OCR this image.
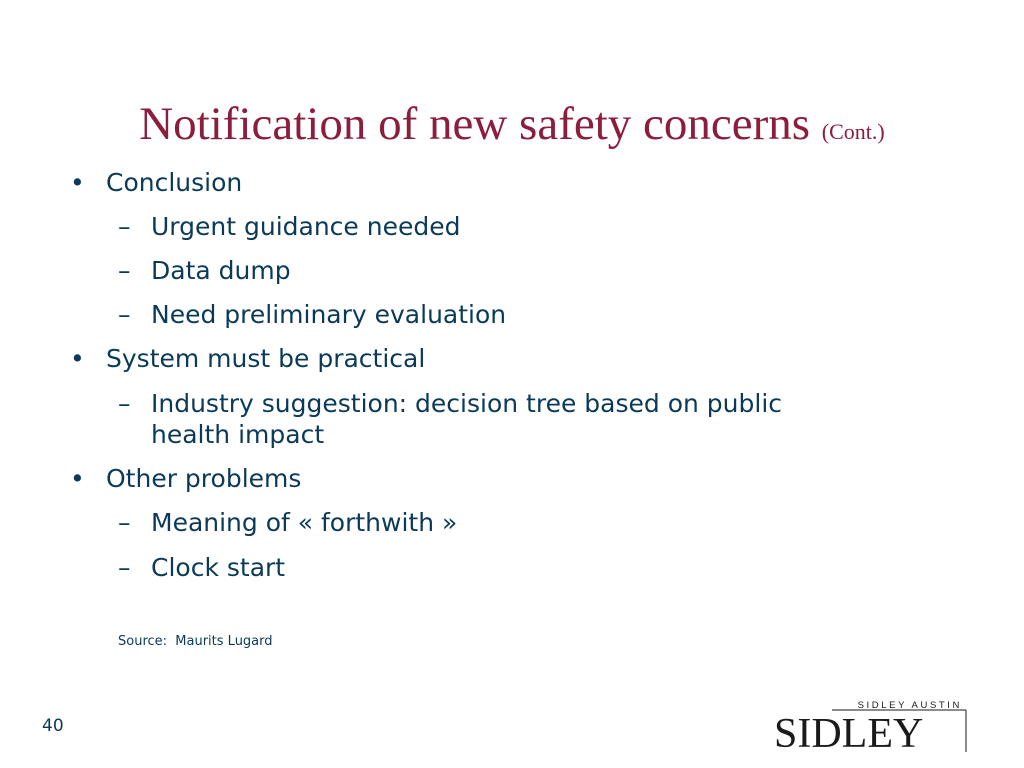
Notification of new safety concerns (Cont.)
• Conclusion
– Urgent guidance needed
– Data dump
– Need preliminary evaluation
• System must be practical
– Industry suggestion: decision tree based on public
health impact
• Other problems
– Meaning of « forthwith »
– Clock start
Source:  Maurits Lugard
40
SIDLEY AUSTIN
SIDLEY
